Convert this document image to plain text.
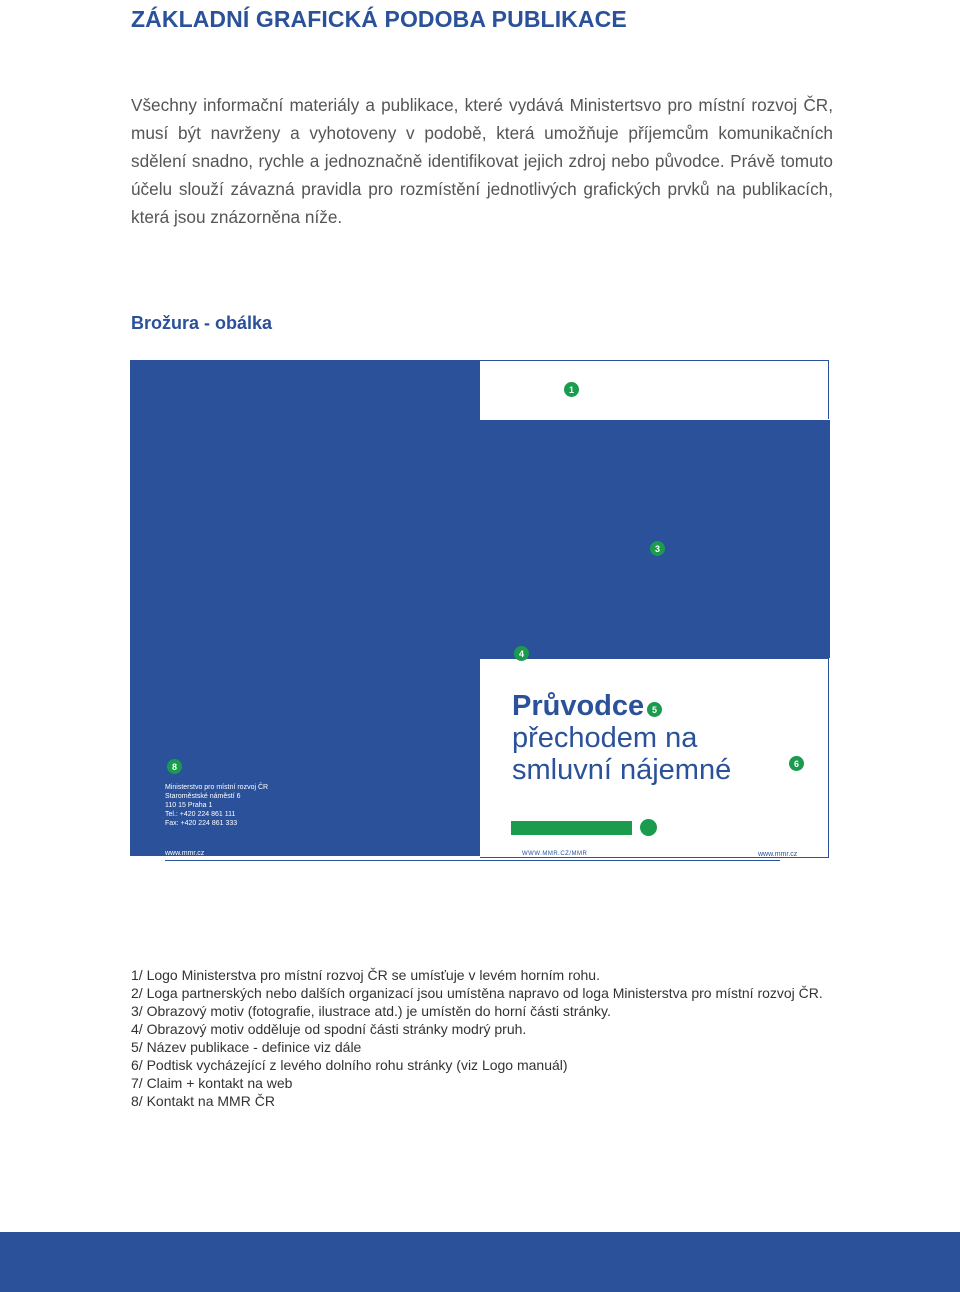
ZÁKLADNÍ GRAFICKÁ PODOBA PUBLIKACE
Všechny informační materiály a publikace, které vydává Ministertsvo pro místní rozvoj ČR, musí být navrženy a vyhotoveny v podobě, která umožňuje příjemcům komunikačních sdělení snadno, rychle a jednoznačně identifikovat jejich zdroj nebo původce. Právě tomuto účelu slouží závazná pravidla pro rozmístění jednotlivých grafických prvků na publikacích, která jsou znázorněna níže.
Brožura - obálka
1
3
4
5
6
8
Ministerstvo pro místní rozvoj ČR
Staroměstské náměstí 6
110 15 Praha 1
Tel.: +420 224 861 111
Fax: +420 224 861 333
www.mmr.cz
Průvodce
přechodem na
smluvní nájemné
WWW.MMR.CZ/MMR	www.mmr.cz
1/ Logo Ministerstva pro místní rozvoj ČR se umísťuje v levém horním rohu.
2/ Loga partnerských nebo dalších organizací jsou umístěna napravo od loga Ministerstva pro místní rozvoj ČR.
3/ Obrazový motiv (fotografie, ilustrace atd.) je umístěn do horní části stránky.
4/ Obrazový motiv odděluje od spodní části stránky modrý pruh.
5/ Název publikace - definice viz dále
6/ Podtisk vycházející z levého dolního rohu stránky (viz Logo manuál)
7/ Claim + kontakt na web
8/ Kontakt na MMR ČR
